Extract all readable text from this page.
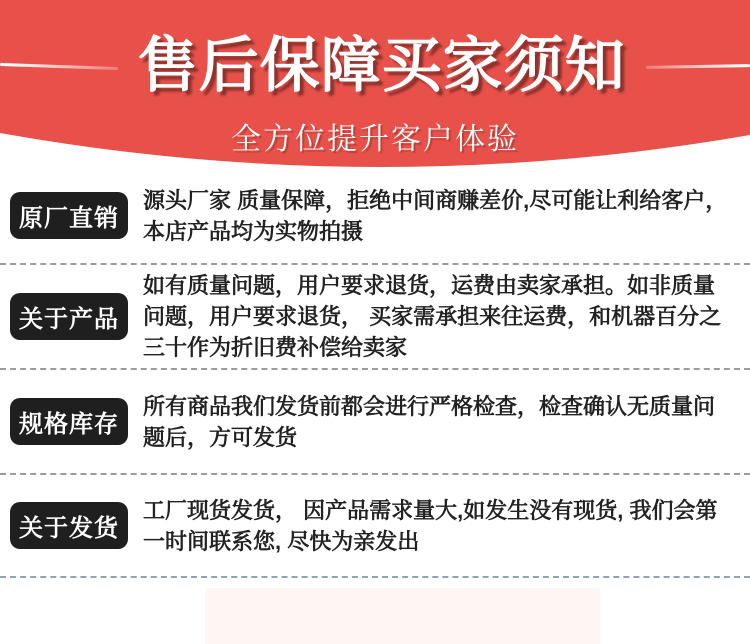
售后保障买家须知
全方位提升客户体验
原厂直销
源头厂家 质量保障，拒绝中间商赚差价,尽可能让利给客户， 本店产品均为实物拍摄
关于产品
如有质量问题，用户要求退货，运费由卖家承担。如非质量问题，用户要求退货， 买家需承担来往运费，和机器百分之三十作为折旧费补偿给卖家
规格库存
所有商品我们发货前都会进行严格检查，检查确认无质量问题后，方可发货
关于发货
工厂现货发货， 因产品需求量大,如发生没有现货, 我们会第一时间联系您, 尽快为亲发出
